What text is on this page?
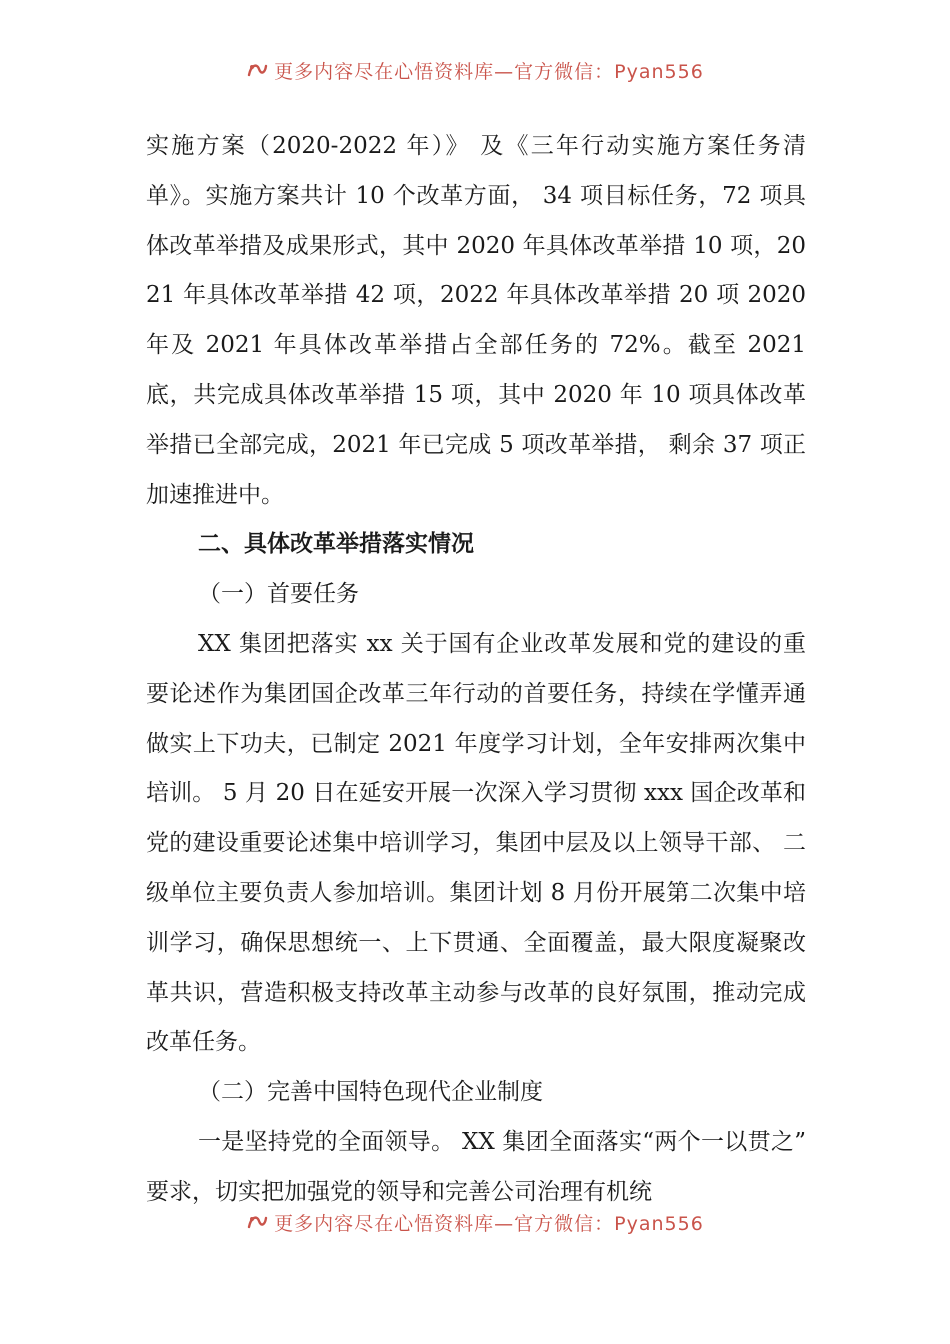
更多内容尽在心悟资料库—官方微信：Pyan556

实施方案（2020-2022 年）》 及《三年行动实施方案任务清单》。实施方案共计 10 个改革方面， 34 项目标任务，72 项具体改革举措及成果形式，其中 2020 年具体改革举措 10 项，2021 年具体改革举措 42 项，2022 年具体改革举措 20 项 2020 年及 2021 年具体改革举措占全部任务的 72%。截至 2021 底，共完成具体改革举措 15 项，其中 2020 年 10 项具体改革举措已全部完成，2021 年已完成 5 项改革举措， 剩余 37 项正加速推进中。

二、具体改革举措落实情况

（一）首要任务

XX 集团把落实 xx 关于国有企业改革发展和党的建设的重要论述作为集团国企改革三年行动的首要任务，持续在学懂弄通做实上下功夫，已制定 2021 年度学习计划，全年安排两次集中培训。 5 月 20 日在延安开展一次深入学习贯彻 xxx 国企改革和党的建设重要论述集中培训学习，集团中层及以上领导干部、 二级单位主要负责人参加培训。集团计划 8 月份开展第二次集中培训学习，确保思想统一、上下贯通、全面覆盖，最大限度凝聚改革共识，营造积极支持改革主动参与改革的良好氛围，推动完成改革任务。

（二）完善中国特色现代企业制度

一是坚持党的全面领导。 XX 集团全面落实“两个一以贯之” 要求，切实把加强党的领导和完善公司治理有机统

更多内容尽在心悟资料库—官方微信：Pyan556
